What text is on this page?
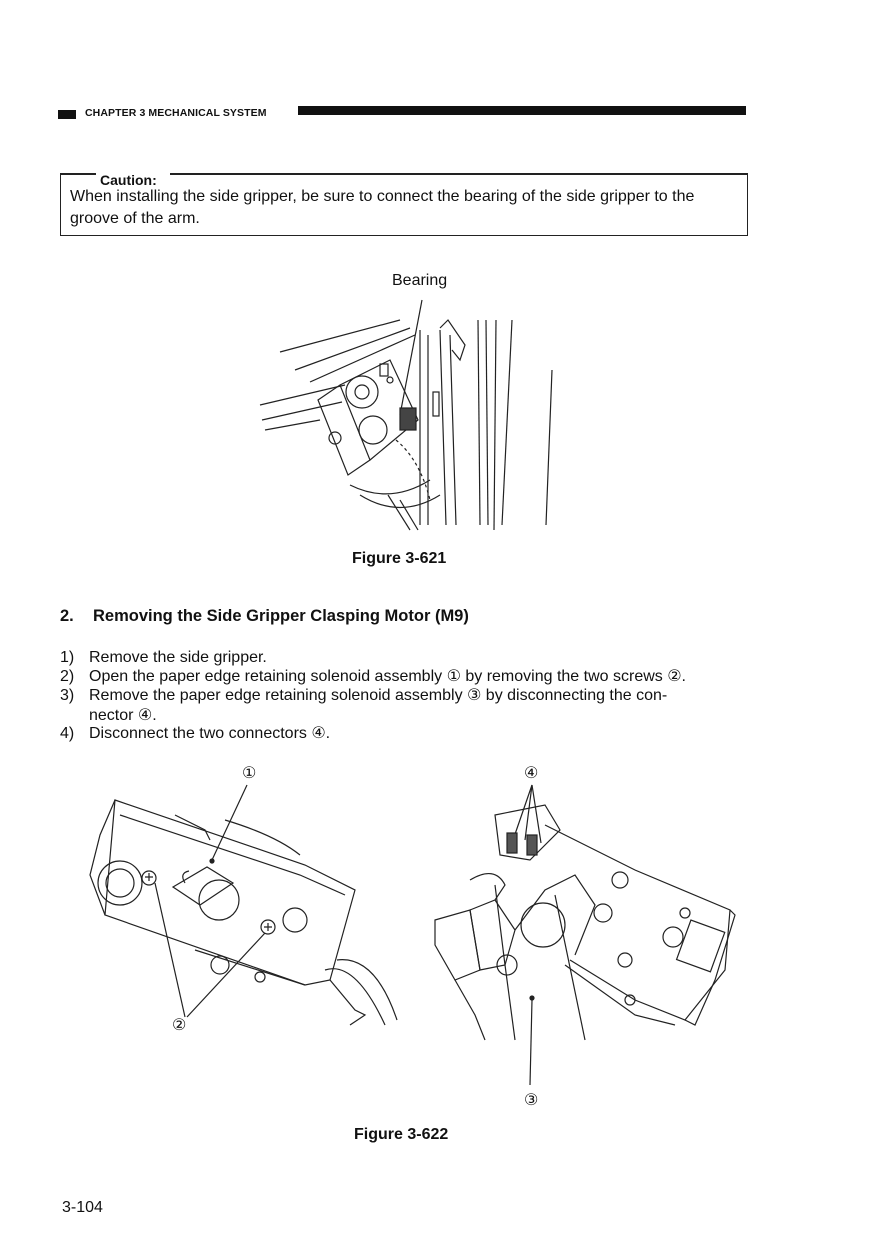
CHAPTER 3 MECHANICAL SYSTEM
Caution:
When installing the side gripper, be sure to connect the bearing of the side gripper to the groove of the arm.
Bearing
Figure 3-621
2. Removing the Side Gripper Clasping Motor (M9)
1) Remove the side gripper.
2) Open the paper edge retaining solenoid assembly ① by removing the two screws ②.
3) Remove the paper edge retaining solenoid assembly ③ by disconnecting the con-
nector ④.
4) Disconnect the two connectors ④.
①
②
④
③
Figure 3-622
3-104
